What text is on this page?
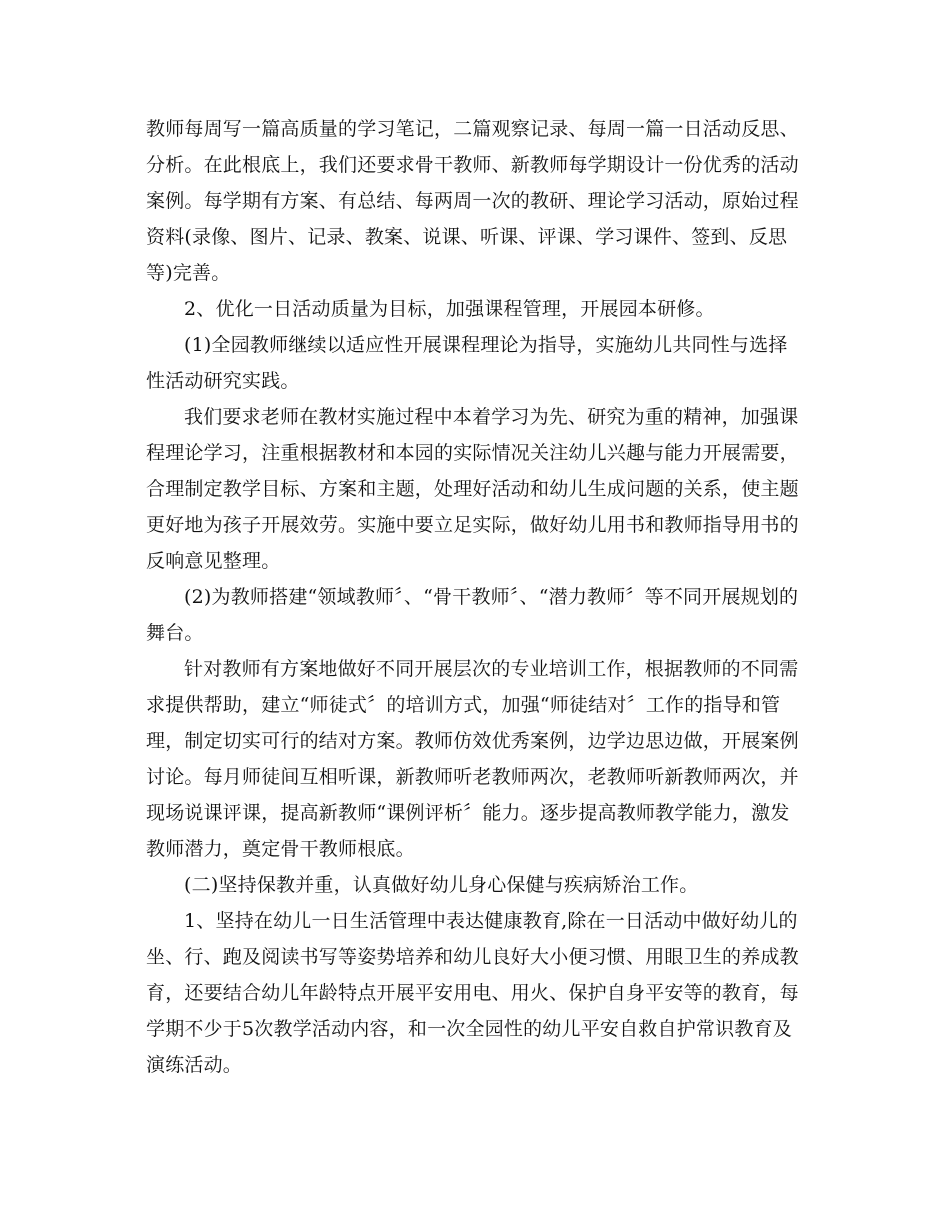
教师每周写一篇高质量的学习笔记，二篇观察记录、每周一篇一日活动反思、分析。在此根底上，我们还要求骨干教师、新教师每学期设计一份优秀的活动案例。每学期有方案、有总结、每两周一次的教研、理论学习活动，原始过程资料(录像、图片、记录、教案、说课、听课、评课、学习课件、签到、反思等)完善。

2、优化一日活动质量为目标，加强课程管理，开展园本研修。

(1)全园教师继续以适应性开展课程理论为指导，实施幼儿共同性与选择性活动研究实践。

我们要求老师在教材实施过程中本着学习为先、研究为重的精神，加强课程理论学习，注重根据教材和本园的实际情况关注幼儿兴趣与能力开展需要，合理制定教学目标、方案和主题，处理好活动和幼儿生成问题的关系，使主题更好地为孩子开展效劳。实施中要立足实际，做好幼儿用书和教师指导用书的反响意见整理。

(2)为教师搭建“领域教师〞、“骨干教师〞、“潜力教师〞等不同开展规划的舞台。

针对教师有方案地做好不同开展层次的专业培训工作，根据教师的不同需求提供帮助，建立“师徒式〞的培训方式，加强“师徒结对〞工作的指导和管理，制定切实可行的结对方案。教师仿效优秀案例，边学边思边做，开展案例讨论。每月师徒间互相听课，新教师听老教师两次，老教师听新教师两次，并现场说课评课，提高新教师“课例评析〞能力。逐步提高教师教学能力，激发教师潜力，奠定骨干教师根底。

(二)坚持保教并重，认真做好幼儿身心保健与疾病矫治工作。

1、坚持在幼儿一日生活管理中表达健康教育,除在一日活动中做好幼儿的坐、行、跑及阅读书写等姿势培养和幼儿良好大小便习惯、用眼卫生的养成教育，还要结合幼儿年龄特点开展平安用电、用火、保护自身平安等的教育，每学期不少于5次教学活动内容，和一次全园性的幼儿平安自救自护常识教育及演练活动。
